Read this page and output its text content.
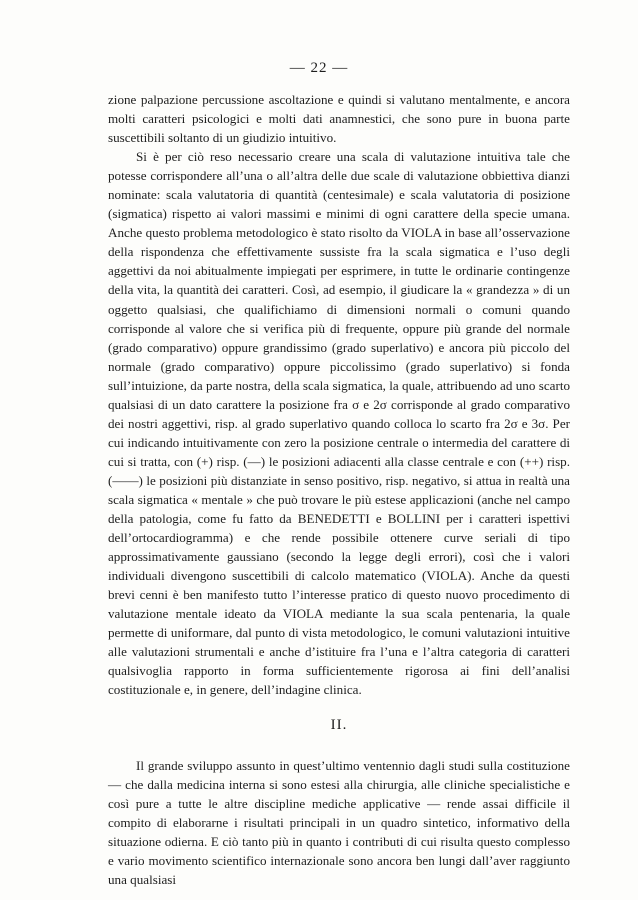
— 22 —

zione palpazione percussione ascoltazione e quindi si valutano mentalmente, e ancora molti caratteri psicologici e molti dati anamnestici, che sono pure in buona parte suscettibili soltanto di un giudizio intuitivo.

Si è per ciò reso necessario creare una scala di valutazione intuitiva tale che potesse corrispondere all’una o all’altra delle due scale di valutazione obbiettiva dianzi nominate: scala valutatoria di quantità (centesimale) e scala valutatoria di posizione (sigmatica) rispetto ai valori massimi e minimi di ogni carattere della specie umana. Anche questo problema metodologico è stato risolto da VIOLA in base all’osservazione della rispondenza che effettivamente sussiste fra la scala sigmatica e l’uso degli aggettivi da noi abitualmente impiegati per esprimere, in tutte le ordinarie contingenze della vita, la quantità dei caratteri. Così, ad esempio, il giudicare la « grandezza » di un oggetto qualsiasi, che qualifichiamo di dimensioni normali o comuni quando corrisponde al valore che si verifica più di frequente, oppure più grande del normale (grado comparativo) oppure grandissimo (grado superlativo) e ancora più piccolo del normale (grado comparativo) oppure piccolissimo (grado superlativo) si fonda sull’intuizione, da parte nostra, della scala sigmatica, la quale, attribuendo ad uno scarto qualsiasi di un dato carattere la posizione fra σ e 2σ corrisponde al grado comparativo dei nostri aggettivi, risp. al grado superlativo quando colloca lo scarto fra 2σ e 3σ. Per cui indicando intuitivamente con zero la posizione centrale o intermedia del carattere di cui si tratta, con (+) risp. (—) le posizioni adiacenti alla classe centrale e con (++) risp. (——) le posizioni più distanziate in senso positivo, risp. negativo, si attua in realtà una scala sigmatica « mentale » che può trovare le più estese applicazioni (anche nel campo della patologia, come fu fatto da BENEDETTI e BOLLINI per i caratteri ispettivi dell’ortocardiogramma) e che rende possibile ottenere curve seriali di tipo approssimativamente gaussiano (secondo la legge degli errori), così che i valori individuali divengono suscettibili di calcolo matematico (VIOLA). Anche da questi brevi cenni è ben manifesto tutto l’interesse pratico di questo nuovo procedimento di valutazione mentale ideato da VIOLA mediante la sua scala pentenaria, la quale permette di uniformare, dal punto di vista metodologico, le comuni valutazioni intuitive alle valutazioni strumentali e anche d’istituire fra l’una e l’altra categoria di caratteri qualsivoglia rapporto in forma sufficientemente rigorosa ai fini dell’analisi costituzionale e, in genere, dell’indagine clinica.

II.

Il grande sviluppo assunto in quest’ultimo ventennio dagli studi sulla costituzione — che dalla medicina interna si sono estesi alla chirurgia, alle cliniche specialistiche e così pure a tutte le altre discipline mediche applicative — rende assai difficile il compito di elaborarne i risultati principali in un quadro sintetico, informativo della situazione odierna. E ciò tanto più in quanto i contributi di cui risulta questo complesso e vario movimento scientifico internazionale sono ancora ben lungi dall’aver raggiunto una qualsiasi
